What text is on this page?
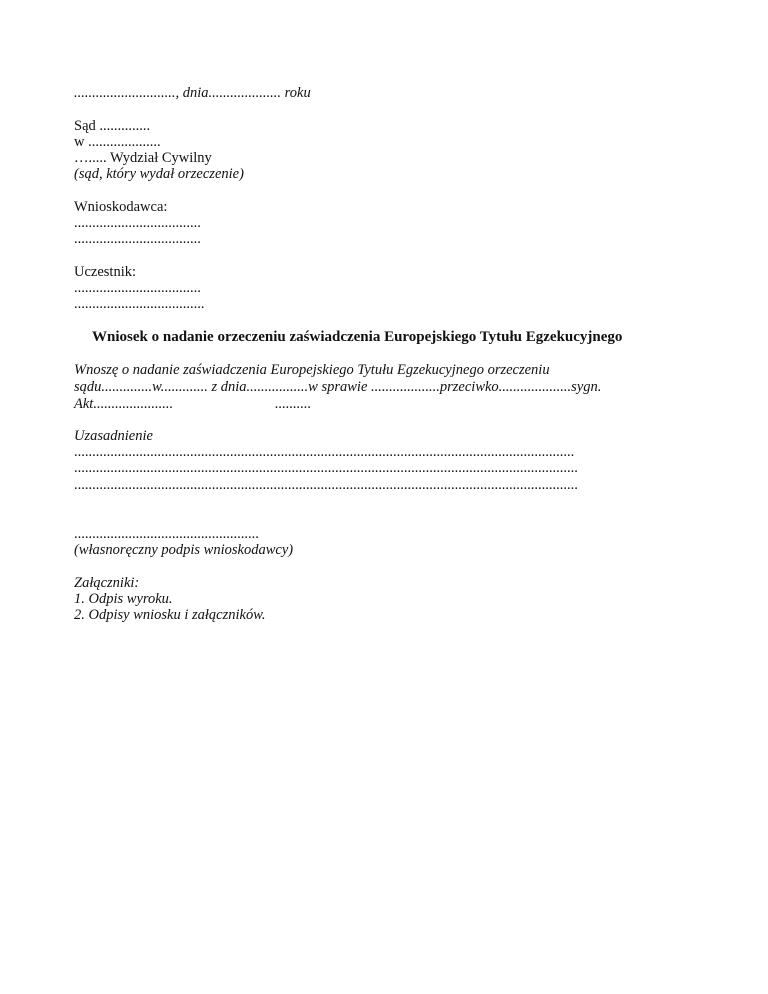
............................, dnia.................... roku
Sąd ..............
w ....................
…..... Wydział Cywilny
(sąd, który wydał orzeczenie)
Wnioskodawca:
...................................
...................................
Uczestnik:
...................................
....................................
Wniosek o nadanie orzeczeniu zaświadczenia Europejskiego Tytułu Egzekucyjnego
Wnoszę o nadanie zaświadczenia Europejskiego Tytułu Egzekucyjnego orzeczeniu
sądu..............w............. z dnia.................w sprawie ...................przeciwko....................sygn.
Akt......................	..........
Uzasadnienie
..........................................................................................................................................
...........................................................................................................................................
...........................................................................................................................................
...................................................
(własnoręczny podpis wnioskodawcy)
Załączniki:
1. Odpis wyroku.
2. Odpisy wniosku i załączników.
